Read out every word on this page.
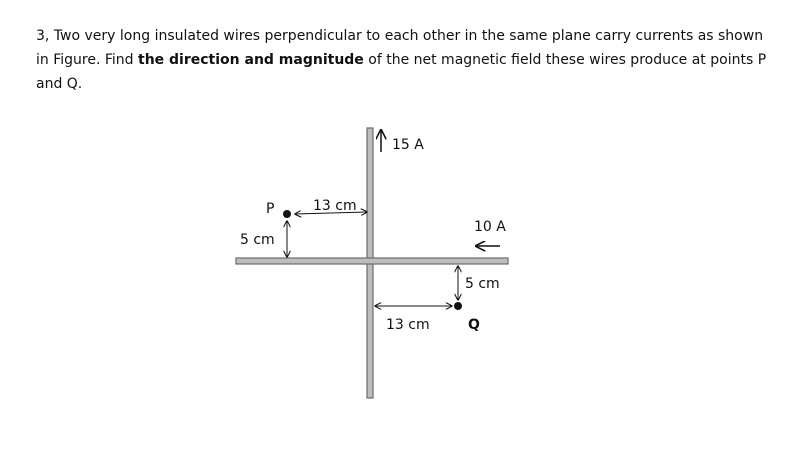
3, Two very long insulated wires perpendicular to each other in the same plane carry currents as shown in Figure. Find the direction and magnitude of the net magnetic field these wires produce at points P and Q.

15 A
10 A
P	13 cm
5 cm
Q
5 cm
13 cm
